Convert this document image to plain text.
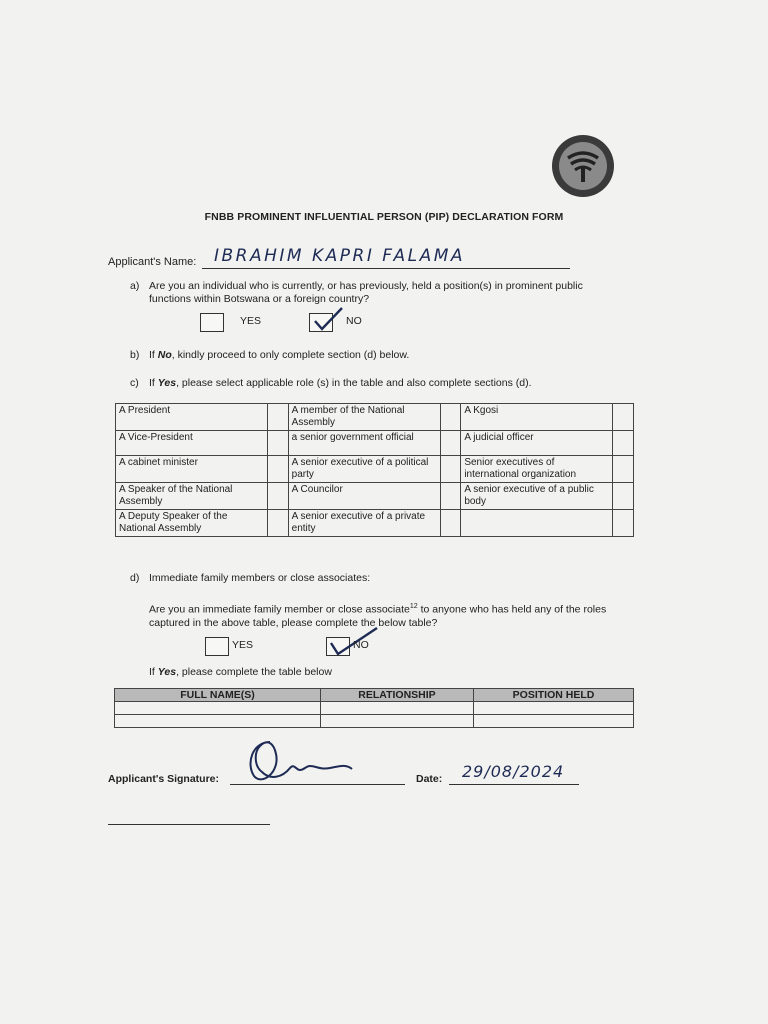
FNBB PROMINENT INFLUENTIAL PERSON (PIP) DECLARATION FORM
Applicant's Name: IBRAHIM KAPRI FALAMA
a) Are you an individual who is currently, or has previously, held a position(s) in prominent public functions within Botswana or a foreign country?
YES	NO
b) If No, kindly proceed to only complete section (d) below.
c) If Yes, please select applicable role (s) in the table and also complete sections (d).
A President		A member of the National Assembly		A Kgosi	
A Vice-President		a senior government official		A judicial officer	
A cabinet minister		A senior executive of a political party		Senior executives of international organization	
A Speaker of the National Assembly		A Councilor		A senior executive of a public body	
A Deputy Speaker of the National Assembly		A senior executive of a private entity			
d) Immediate family members or close associates:
Are you an immediate family member or close associate$^{12}$ to anyone who has held any of the roles captured in the above table, please complete the below table?
YES	NO
If Yes, please complete the table below
FULL NAME(S)	RELATIONSHIP	POSITION HELD

Applicant's Signature:	Date: 29/08/2024
